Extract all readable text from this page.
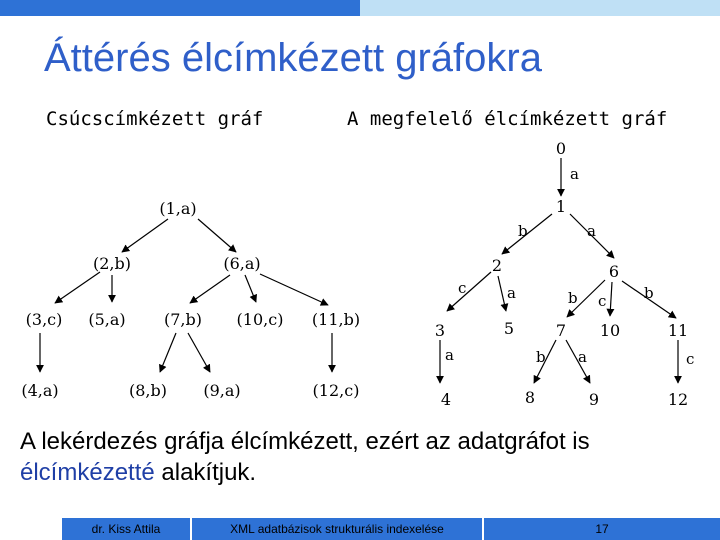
Áttérés élcímkézett gráfokra
Csúcscímkézett gráf	A megfelelő élcímkézett gráf
(1,a)
(2,b)	(6,a)
(3,c) (5,a) (7,b) (10,c) (11,b)
(4,a)	(8,b) (9,a)	(12,c)
a
b	a
c	a	b c	b
a	b a	c
0
1
2	6
3	5	7 10	11
4	8	9	12
A lekérdezés gráfja élcímkézett, ezért az adatgráfot is
élcímkézetté alakítjuk.
dr. Kiss Attila	XML adatbázisok strukturális indexelése	17
